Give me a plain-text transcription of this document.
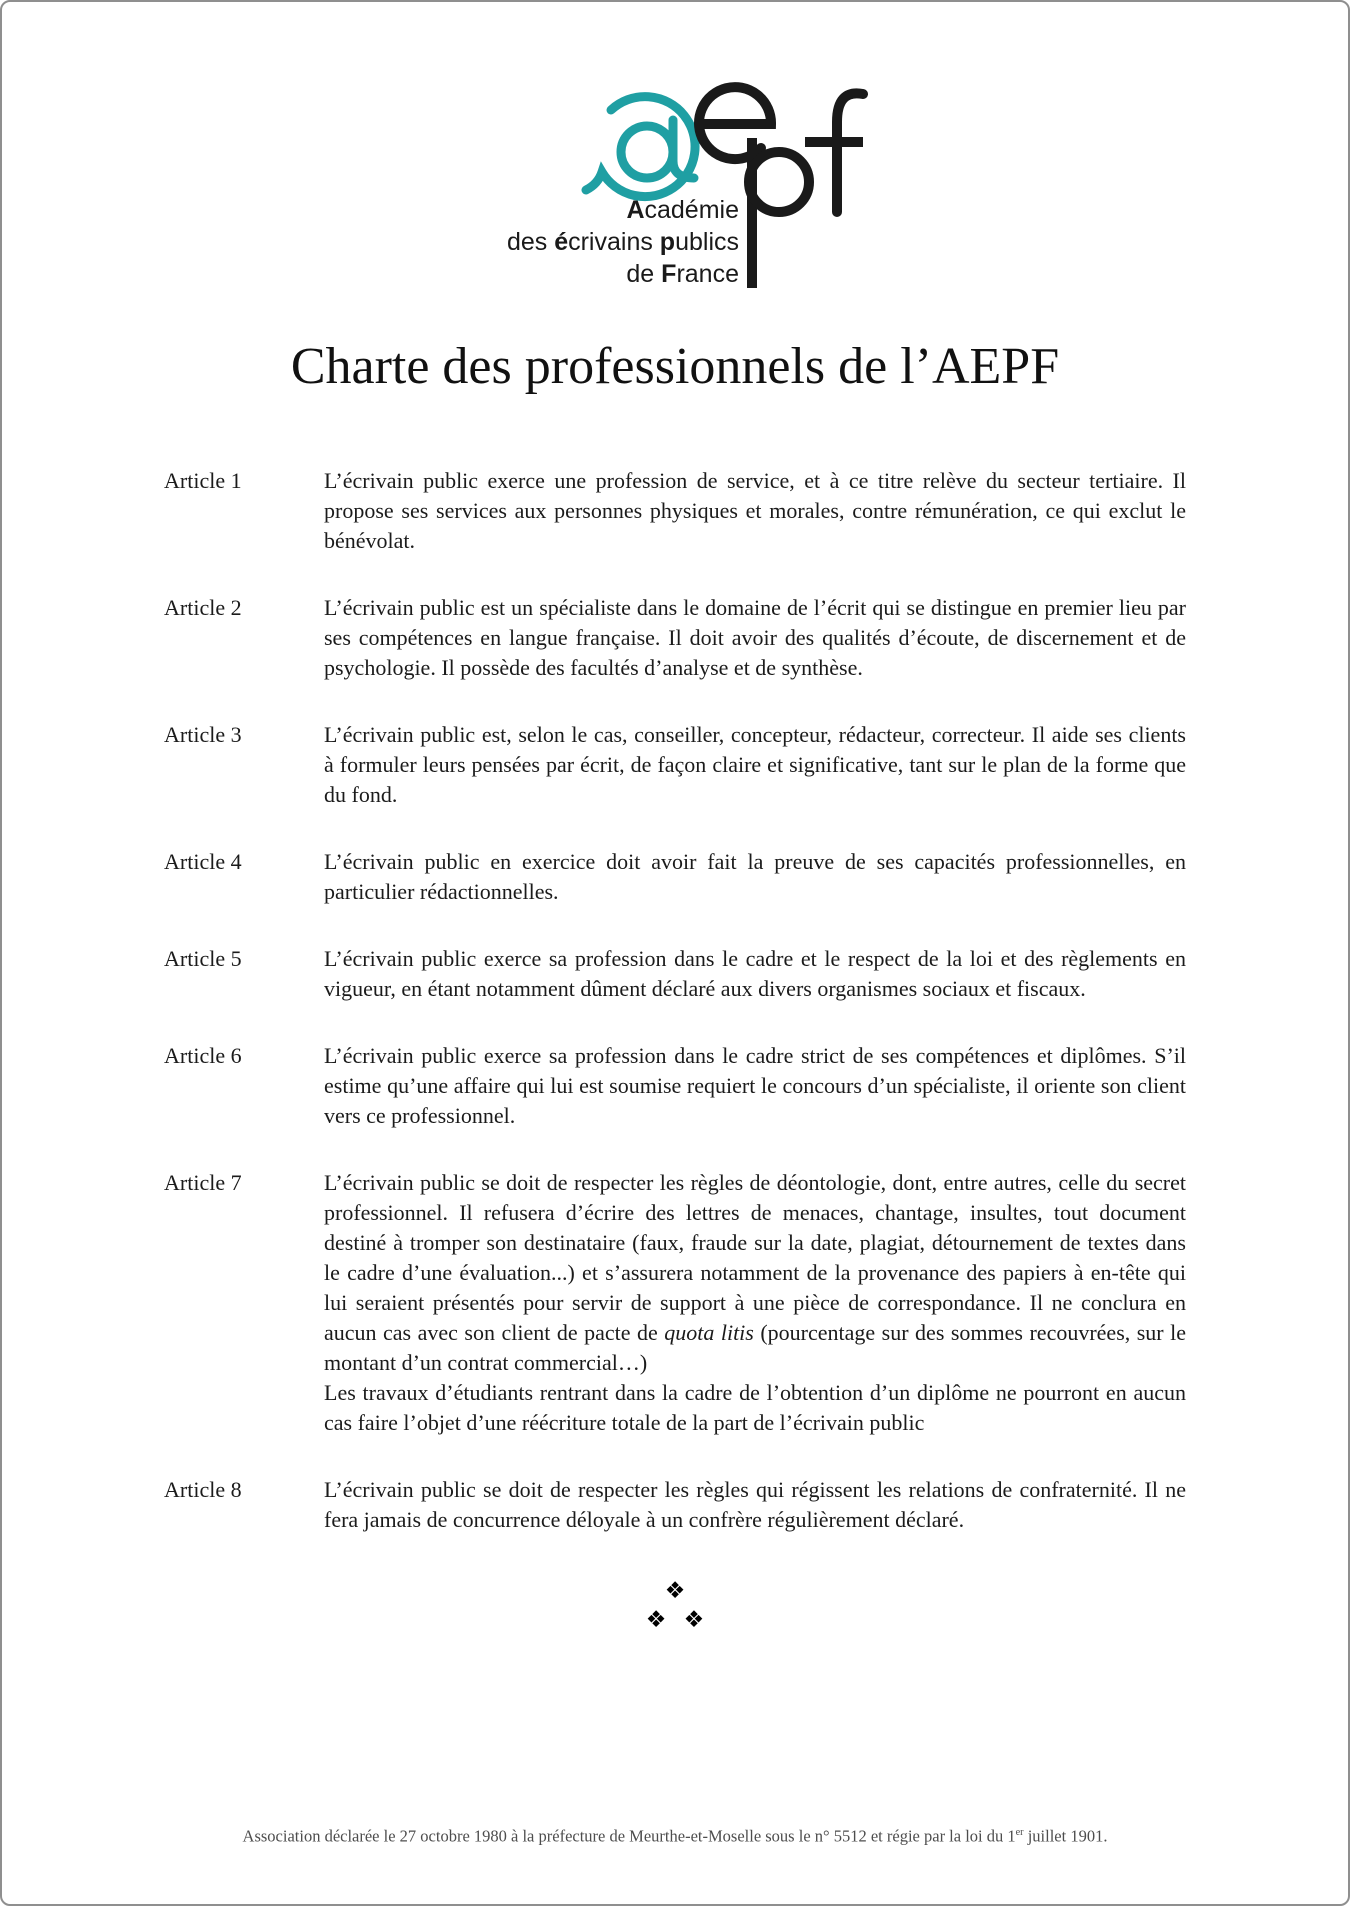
Académie
des écrivains publics
de France
Charte des professionnels de l’AEPF
Article 1	L’écrivain public exerce une profession de service, et à ce titre relève du secteur tertiaire. Il propose ses services aux personnes physiques et morales, contre rémunération, ce qui exclut le bénévolat.

Article 2	L’écrivain public est un spécialiste dans le domaine de l’écrit qui se distingue en premier lieu par ses compétences en langue française. Il doit avoir des qualités d’écoute, de discernement et de psychologie. Il possède des facultés d’analyse et de synthèse.

Article 3	L’écrivain public est, selon le cas, conseiller, concepteur, rédacteur, correcteur. Il aide ses clients à formuler leurs pensées par écrit, de façon claire et significative, tant sur le plan de la forme que du fond.

Article 4	L’écrivain public en exercice doit avoir fait la preuve de ses capacités professionnelles, en particulier rédactionnelles.

Article 5	L’écrivain public exerce sa profession dans le cadre et le respect de la loi et des règlements en vigueur, en étant notamment dûment déclaré aux divers organismes sociaux et fiscaux.

Article 6	L’écrivain public exerce sa profession dans le cadre strict de ses compétences et diplômes. S’il estime qu’une affaire qui lui est soumise requiert le concours d’un spécialiste, il oriente son client vers ce professionnel.

Article 7	L’écrivain public se doit de respecter les règles de déontologie, dont, entre autres, celle du secret professionnel. Il refusera d’écrire des lettres de menaces, chantage, insultes, tout document destiné à tromper son destinataire (faux, fraude sur la date, plagiat, détournement de textes dans le cadre d’une évaluation...) et s’assurera notamment de la provenance des papiers à en-tête qui lui seraient présentés pour servir de support à une pièce de correspondance. Il ne conclura en aucun cas avec son client de pacte de quota litis (pourcentage sur des sommes recouvrées, sur le montant d’un contrat commercial…)

Les travaux d’étudiants rentrant dans la cadre de l’obtention d’un diplôme ne pourront en aucun cas faire l’objet d’une réécriture totale de la part de l’écrivain public

Article 8	L’écrivain public se doit de respecter les règles qui régissent les relations de confraternité. Il ne fera jamais de concurrence déloyale à un confrère régulièrement déclaré.

❖
❖ ❖
Association déclarée le 27 octobre 1980 à la préfecture de Meurthe-et-Moselle sous le n° 5512 et régie par la loi du 1er juillet 1901.
